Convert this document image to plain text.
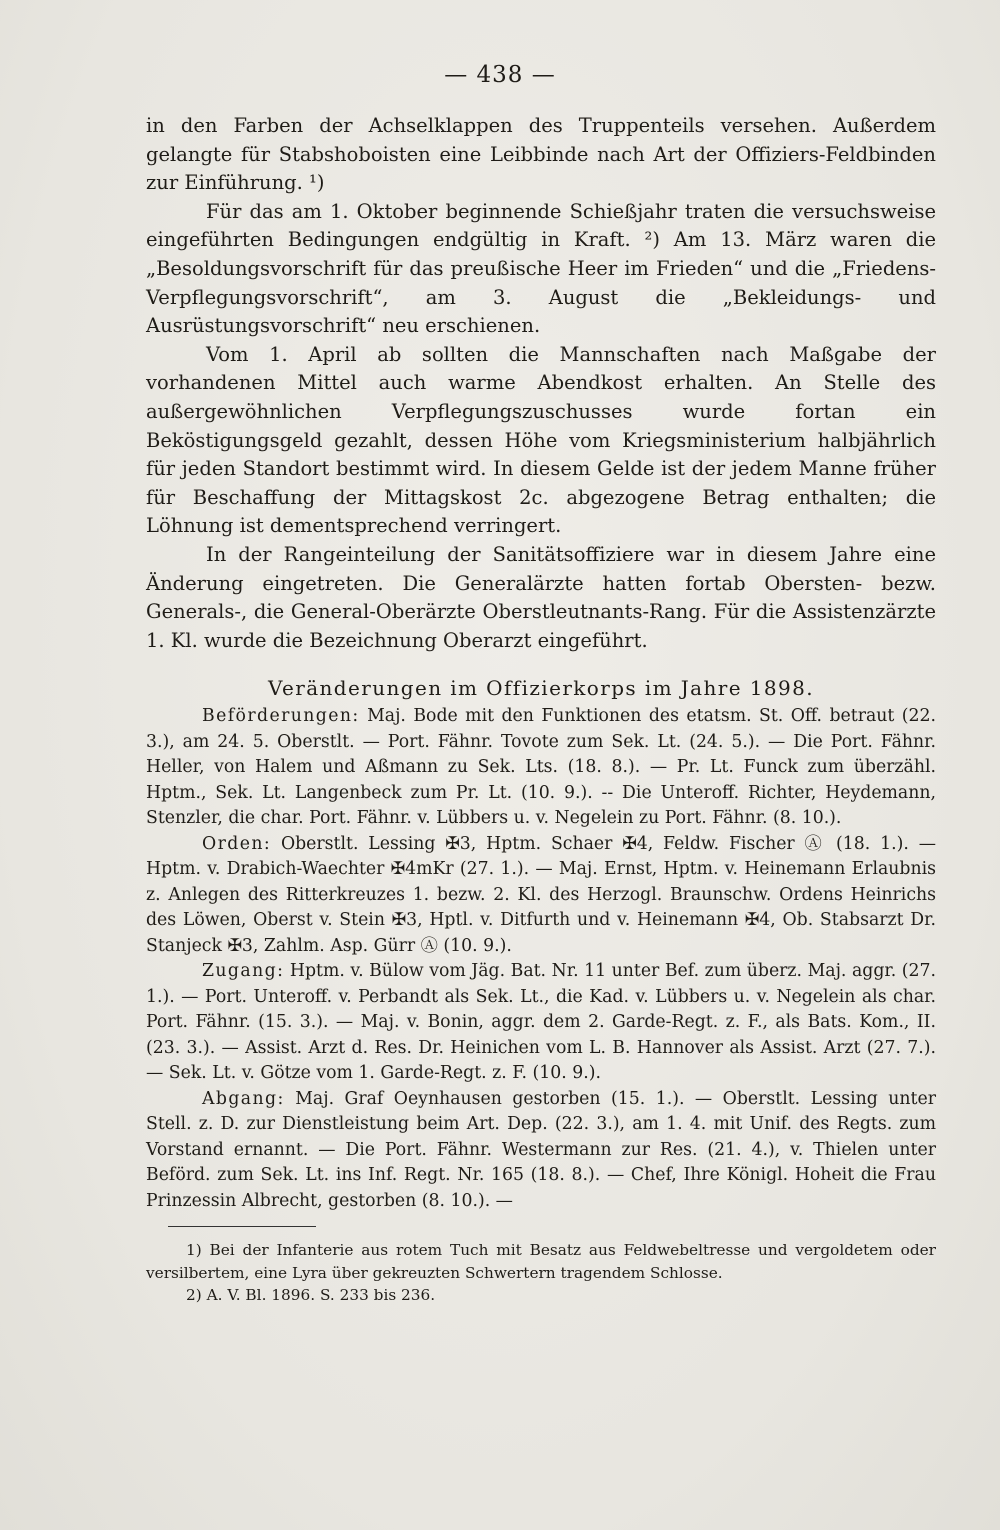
— 438 —

in den Farben der Achselklappen des Truppenteils versehen. Außerdem gelangte für Stabshoboisten eine Leibbinde nach Art der Offiziers-Feldbinden zur Einführung. ¹)

Für das am 1. Oktober beginnende Schießjahr traten die versuchsweise eingeführten Bedingungen endgültig in Kraft. ²) Am 13. März waren die „Besoldungsvorschrift für das preußische Heer im Frieden“ und die „Friedens-Verpflegungsvorschrift“, am 3. August die „Bekleidungs- und Ausrüstungsvorschrift“ neu erschienen.

Vom 1. April ab sollten die Mannschaften nach Maßgabe der vorhandenen Mittel auch warme Abendkost erhalten. An Stelle des außergewöhnlichen Verpflegungszuschusses wurde fortan ein Beköstigungsgeld gezahlt, dessen Höhe vom Kriegsministerium halbjährlich für jeden Standort bestimmt wird. In diesem Gelde ist der jedem Manne früher für Beschaffung der Mittagskost 2c. abgezogene Betrag enthalten; die Löhnung ist dementsprechend verringert.

In der Rangeinteilung der Sanitätsoffiziere war in diesem Jahre eine Änderung eingetreten. Die Generalärzte hatten fortab Obersten- bezw. Generals-, die General-Oberärzte Oberstleutnants-Rang. Für die Assistenzärzte 1. Kl. wurde die Bezeichnung Oberarzt eingeführt.

Veränderungen im Offizierkorps im Jahre 1898.

Beförderungen: Maj. Bode mit den Funktionen des etatsm. St. Off. betraut (22. 3.), am 24. 5. Oberstlt. — Port. Fähnr. Tovote zum Sek. Lt. (24. 5.). — Die Port. Fähnr. Heller, von Halem und Aßmann zu Sek. Lts. (18. 8.). — Pr. Lt. Funck zum überzähl. Hptm., Sek. Lt. Langenbeck zum Pr. Lt. (10. 9.). -- Die Unteroff. Richter, Heydemann, Stenzler, die char. Port. Fähnr. v. Lübbers u. v. Negelein zu Port. Fähnr. (8. 10.).

Orden: Oberstlt. Lessing ✠3, Hptm. Schaer ✠4, Feldw. Fischer Ⓐ (18. 1.). — Hptm. v. Drabich-Waechter ✠4mKr (27. 1.). — Maj. Ernst, Hptm. v. Heinemann Erlaubnis z. Anlegen des Ritterkreuzes 1. bezw. 2. Kl. des Herzogl. Braunschw. Ordens Heinrichs des Löwen, Oberst v. Stein ✠3, Hptl. v. Ditfurth und v. Heinemann ✠4, Ob. Stabsarzt Dr. Stanjeck ✠3, Zahlm. Asp. Gürr Ⓐ (10. 9.).

Zugang: Hptm. v. Bülow vom Jäg. Bat. Nr. 11 unter Bef. zum überz. Maj. aggr. (27. 1.). — Port. Unteroff. v. Perbandt als Sek. Lt., die Kad. v. Lübbers u. v. Negelein als char. Port. Fähnr. (15. 3.). — Maj. v. Bonin, aggr. dem 2. Garde-Regt. z. F., als Bats. Kom., II. (23. 3.). — Assist. Arzt d. Res. Dr. Heinichen vom L. B. Hannover als Assist. Arzt (27. 7.). — Sek. Lt. v. Götze vom 1. Garde-Regt. z. F. (10. 9.).

Abgang: Maj. Graf Oeynhausen gestorben (15. 1.). — Oberstlt. Lessing unter Stell. z. D. zur Dienstleistung beim Art. Dep. (22. 3.), am 1. 4. mit Unif. des Regts. zum Vorstand ernannt. — Die Port. Fähnr. Westermann zur Res. (21. 4.), v. Thielen unter Beförd. zum Sek. Lt. ins Inf. Regt. Nr. 165 (18. 8.). — Chef, Ihre Königl. Hoheit die Frau Prinzessin Albrecht, gestorben (8. 10.). —

1) Bei der Infanterie aus rotem Tuch mit Besatz aus Feldwebeltresse und vergoldetem oder versilbertem, eine Lyra über gekreuzten Schwertern tragendem Schlosse.

2) A. V. Bl. 1896. S. 233 bis 236.
